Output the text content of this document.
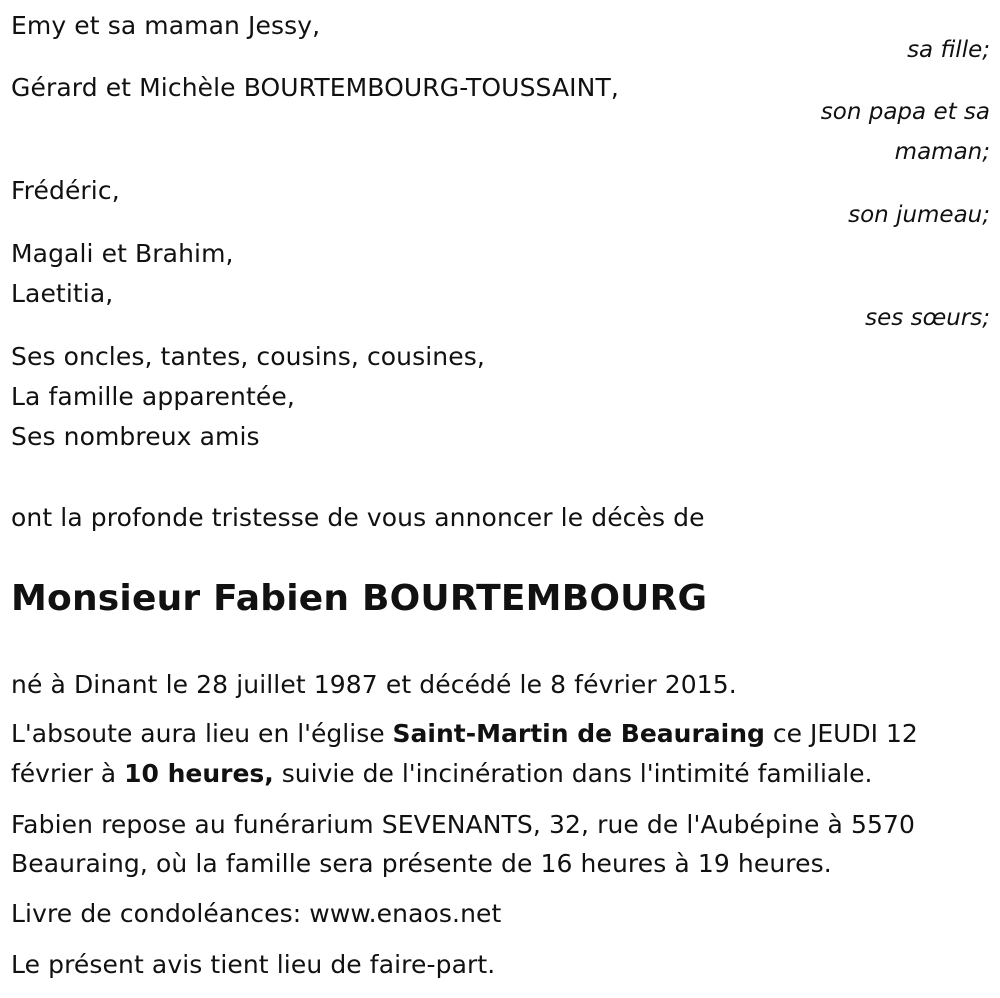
Emy et sa maman Jessy,
sa fille;
Gérard et Michèle BOURTEMBOURG-TOUSSAINT,
son papa et sa
maman;
Frédéric,
son jumeau;
Magali et Brahim,
Laetitia,
ses sœurs;
Ses oncles, tantes, cousins, cousines,
La famille apparentée,
Ses nombreux amis
ont la profonde tristesse de vous annoncer le décès de
Monsieur Fabien BOURTEMBOURG
né à Dinant le 28 juillet 1987 et décédé le 8 février 2015.
L'absoute aura lieu en l'église Saint-Martin de Beauraing ce JEUDI 12 février à 10 heures, suivie de l'incinération dans l'intimité familiale.
Fabien repose au funérarium SEVENANTS, 32, rue de l'Aubépine à 5570
Beauraing, où la famille sera présente de 16 heures à 19 heures.
Livre de condoléances: www.enaos.net
Le présent avis tient lieu de faire-part.
